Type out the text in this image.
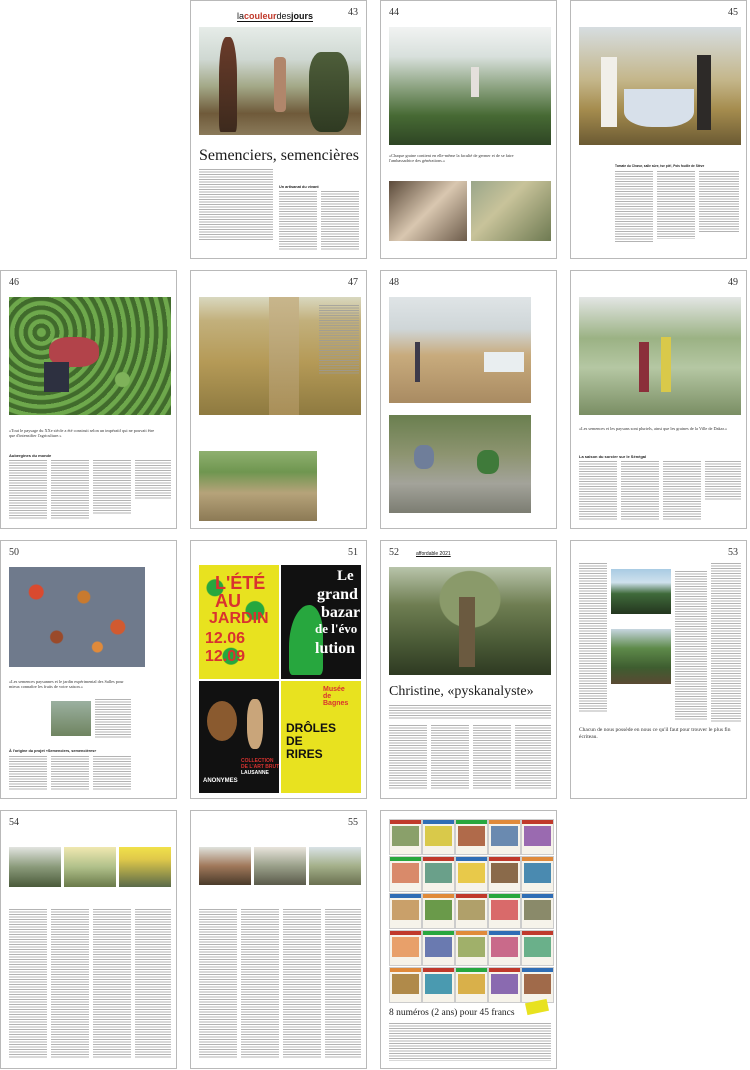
lacouleurdesjours	43

Semenciers, semencières
Un artisanat du vivant
44
«Chaque graine contient en elle-même la faculté de germer et de se faire l'ambassadrice des générations.»
45
Tomate du Chœur, salle sûre, tse pié!, Pois fouille de Stève
46
«Tout le paysage du XXe siècle a été construit selon un impératif qui ne pouvait être que d'intensifier l'agriculture.»
Aubergines du monde
47	48	49
«Les semences et les paysans sont pluriels, ainsi que les graines de la Ville de Dakar.»
La saison du sorcier sur le Sénégal
50
«Les semences paysannes et le jardin expérimental des Salles pour mieux connaître les fruits de votre saison.»
À l'origine du projet «Semenciers, semencières»
51
L'ÉTÉ
AU
JARDIN
12.06
12.09
Le
grand
bazar
de l'évo
lution
ANONYMES
Musée
de
Bagnes
DRÔLES
DE
RIRES
COLLECTION
DE L'ART BRUT
LAUSANNE
52	affordable 2021
Christine, «pyskanalyste»
53
Chacun de nous possède en nous ce qu'il faut pour trouver le plus fin écriteau.
54	55
8 numéros (2 ans) pour 45 francs
